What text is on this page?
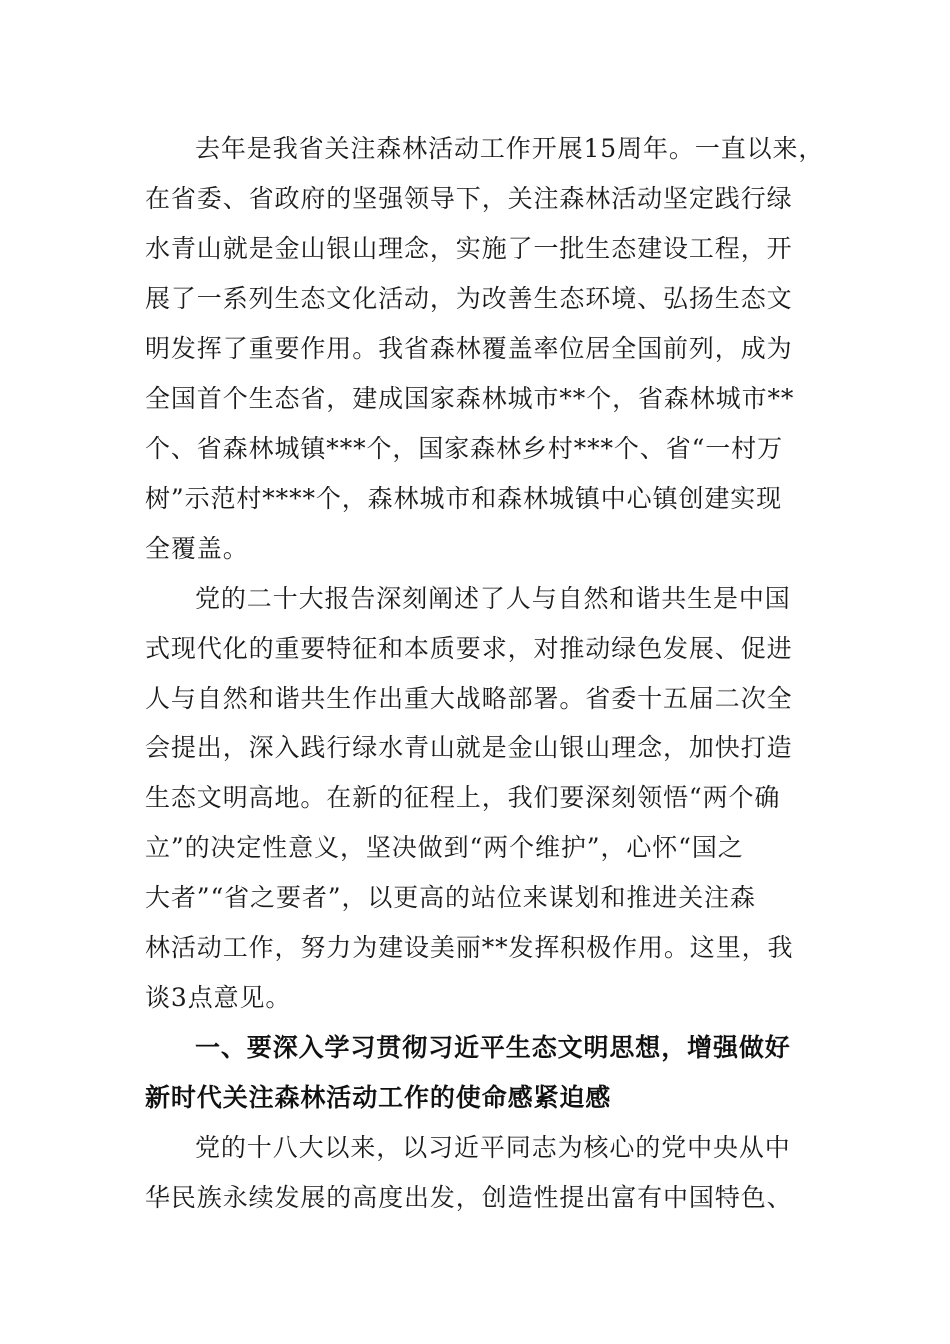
去年是我省关注森林活动工作开展15周年。一直以来，
在省委、省政府的坚强领导下，关注森林活动坚定践行绿
水青山就是金山银山理念，实施了一批生态建设工程，开
展了一系列生态文化活动，为改善生态环境、弘扬生态文
明发挥了重要作用。我省森林覆盖率位居全国前列，成为
全国首个生态省，建成国家森林城市**个，省森林城市**
个、省森林城镇***个，国家森林乡村***个、省“一村万
树”示范村****个，森林城市和森林城镇中心镇创建实现
全覆盖。
党的二十大报告深刻阐述了人与自然和谐共生是中国
式现代化的重要特征和本质要求，对推动绿色发展、促进
人与自然和谐共生作出重大战略部署。省委十五届二次全
会提出，深入践行绿水青山就是金山银山理念，加快打造
生态文明高地。在新的征程上，我们要深刻领悟“两个确
立”的决定性意义，坚决做到“两个维护”，心怀“国之
大者”“省之要者”，以更高的站位来谋划和推进关注森
林活动工作，努力为建设美丽**发挥积极作用。这里，我
谈3点意见。
一、要深入学习贯彻习近平生态文明思想，增强做好
新时代关注森林活动工作的使命感紧迫感
党的十八大以来，以习近平同志为核心的党中央从中
华民族永续发展的高度出发，创造性提出富有中国特色、
